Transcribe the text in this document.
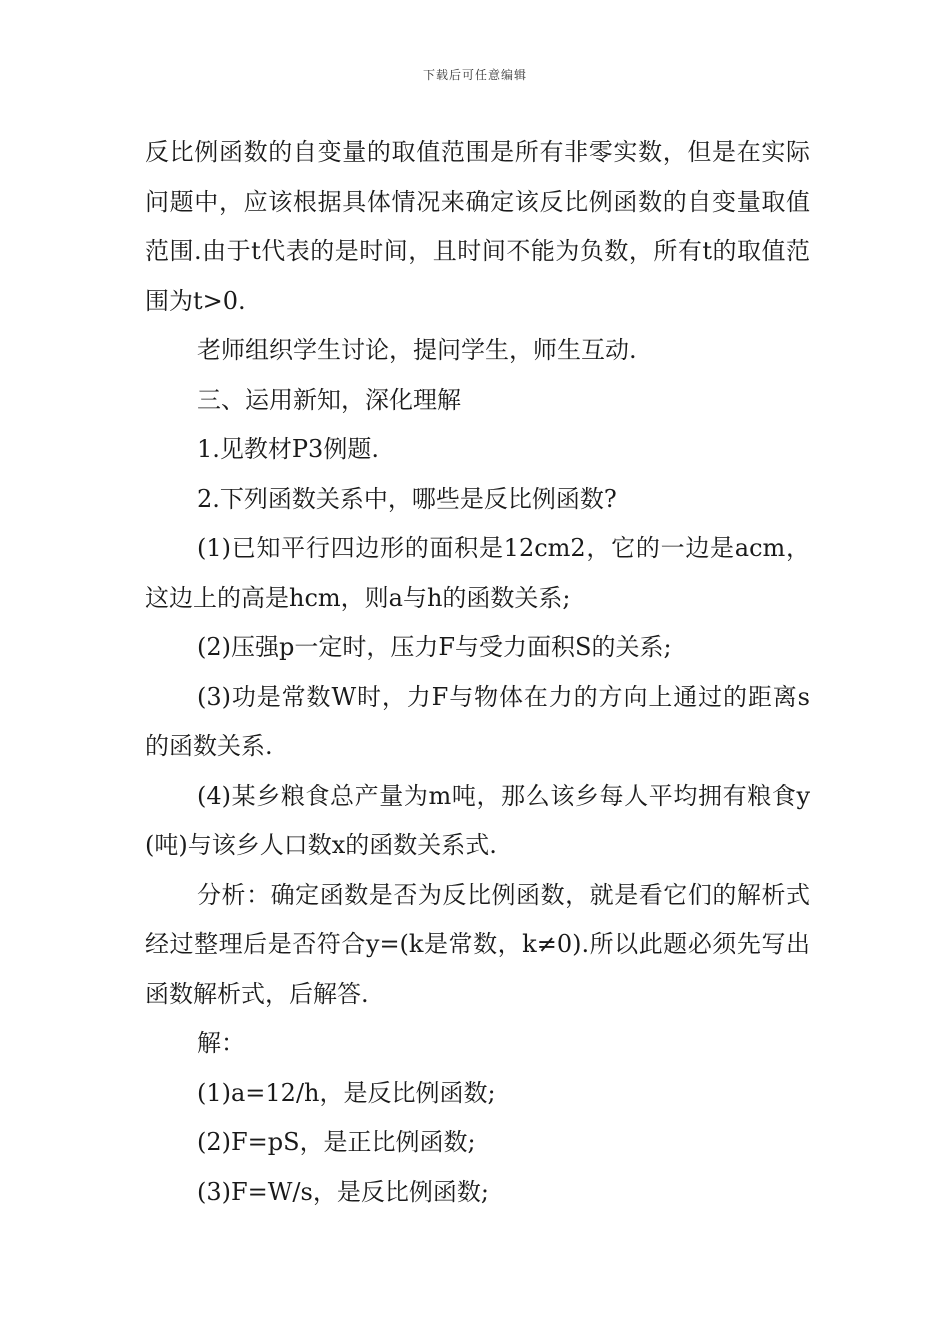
下载后可任意编辑

反比例函数的自变量的取值范围是所有非零实数，但是在实际问题中，应该根据具体情况来确定该反比例函数的自变量取值范围.由于t代表的是时间，且时间不能为负数，所有t的取值范围为t>0.

老师组织学生讨论，提问学生，师生互动.

三、运用新知，深化理解

1.见教材P3例题.

2.下列函数关系中，哪些是反比例函数?

(1)已知平行四边形的面积是12cm2，它的一边是acm，这边上的高是hcm，则a与h的函数关系;

(2)压强p一定时，压力F与受力面积S的关系;

(3)功是常数W时，力F与物体在力的方向上通过的距离s的函数关系.

(4)某乡粮食总产量为m吨，那么该乡每人平均拥有粮食y(吨)与该乡人口数x的函数关系式.

分析：确定函数是否为反比例函数，就是看它们的解析式经过整理后是否符合y=(k是常数，k≠0).所以此题必须先写出函数解析式，后解答.

解：

(1)a=12/h，是反比例函数;

(2)F=pS，是正比例函数;

(3)F=W/s，是反比例函数;
